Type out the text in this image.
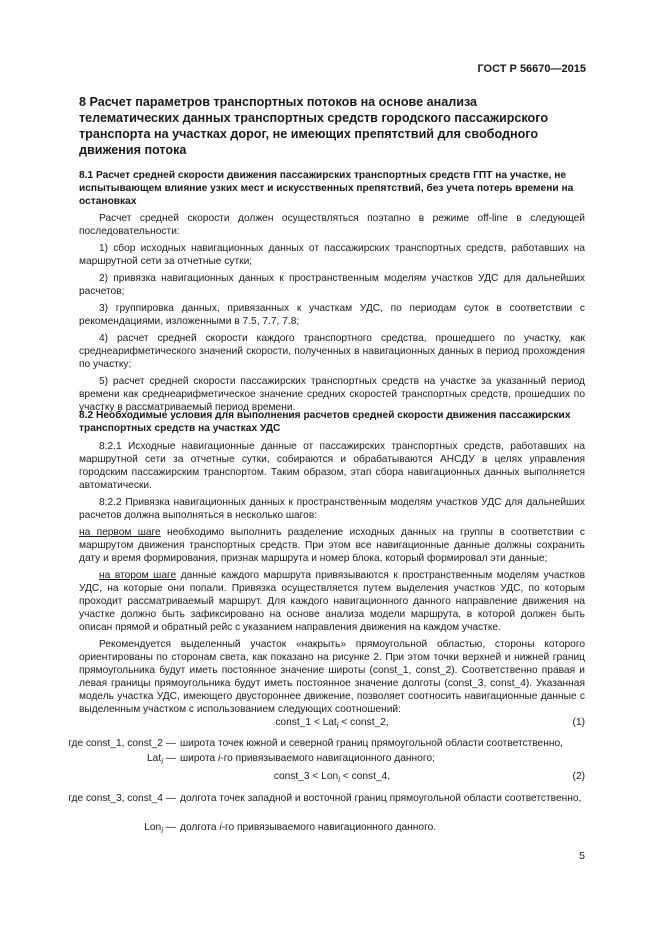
ГОСТ Р 56670—2015
8 Расчет параметров транспортных потоков на основе анализа телематических данных транспортных средств городского пассажирского транспорта на участках дорог, не имеющих препятствий для свободного движения потока
8.1 Расчет средней скорости движения пассажирских транспортных средств ГПТ на участке, не испытывающем влияние узких мест и искусственных препятствий, без учета потерь времени на остановках

Расчет средней скорости должен осуществляться поэтапно в режиме off-line в следующей последовательности:

1) сбор исходных навигационных данных от пассажирских транспортных средств, работавших на маршрутной сети за отчетные сутки;

2) привязка навигационных данных к пространственным моделям участков УДС для дальнейших расчетов;

3) группировка данных, привязанных к участкам УДС, по периодам суток в соответствии с рекомендациями, изложенными в 7.5, 7.7, 7.8;

4) расчет средней скорости каждого транспортного средства, прошедшего по участку, как среднеарифметического значений скорости, полученных в навигационных данных в период прохождения по участку;

5) расчет средней скорости пассажирских транспортных средств на участке за указанный период времени как среднеарифметическое значение средних скоростей транспортных средств, прошедших по участку в рассматриваемый период времени.

8.2 Необходимые условия для выполнения расчетов средней скорости движения пассажирских транспортных средств на участках УДС

8.2.1 Исходные навигационные данные от пассажирских транспортных средств, работавших на маршрутной сети за отчетные сутки, собираются и обрабатываются АНСДУ в целях управления городским пассажирским транспортом. Таким образом, этап сбора навигационных данных выполняется автоматически.

8.2.2 Привязка навигационных данных к пространственным моделям участков УДС для дальнейших расчетов должна выполняться в несколько шагов:

на первом шаге необходимо выполнить разделение исходных данных на группы в соответствии с маршрутом движения транспортных средств. При этом все навигационные данные должны сохранить дату и время формирования, признак маршрута и номер блока, который формировал эти данные;

на втором шаге данные каждого маршрута привязываются к пространственным моделям участков УДС, на которые они попали. Привязка осуществляется путем выделения участков УДС, по которым проходит рассматриваемый маршрут. Для каждого навигационного данного направление движения на участке должно быть зафиксировано на основе анализа модели маршрута, в которой должен быть описан прямой и обратный рейс с указанием направления движения на каждом участке.

Рекомендуется выделенный участок «накрыть» прямоугольной областью, стороны которого ориентированы по сторонам света, как показано на рисунке 2. При этом точки верхней и нижней границ прямоугольника будут иметь постоянное значение широты (const_1, const_2). Соответственно правая и левая границы прямоугольника будут иметь постоянное значение долготы (const_3, const_4). Указанная модель участка УДС, имеющего двустороннее движение, позволяет соотносить навигационные данные с выделенным участком с использованием следующих соотношений:

const_1 < Lat$_i$ < const_2,	(1)
где const_1, const_2 — широта точек южной и северной границ прямоугольной области соответственно,
Lat$_i$ — широта i-го привязываемого навигационного данного;
const_3 < Lon$_i$ < const_4,	(2)
где const_3, const_4 — долгота точек западной и восточной границ прямоугольной области соответственно,
Lon$_i$ — долгота i-го привязываемого навигационного данного.
5
